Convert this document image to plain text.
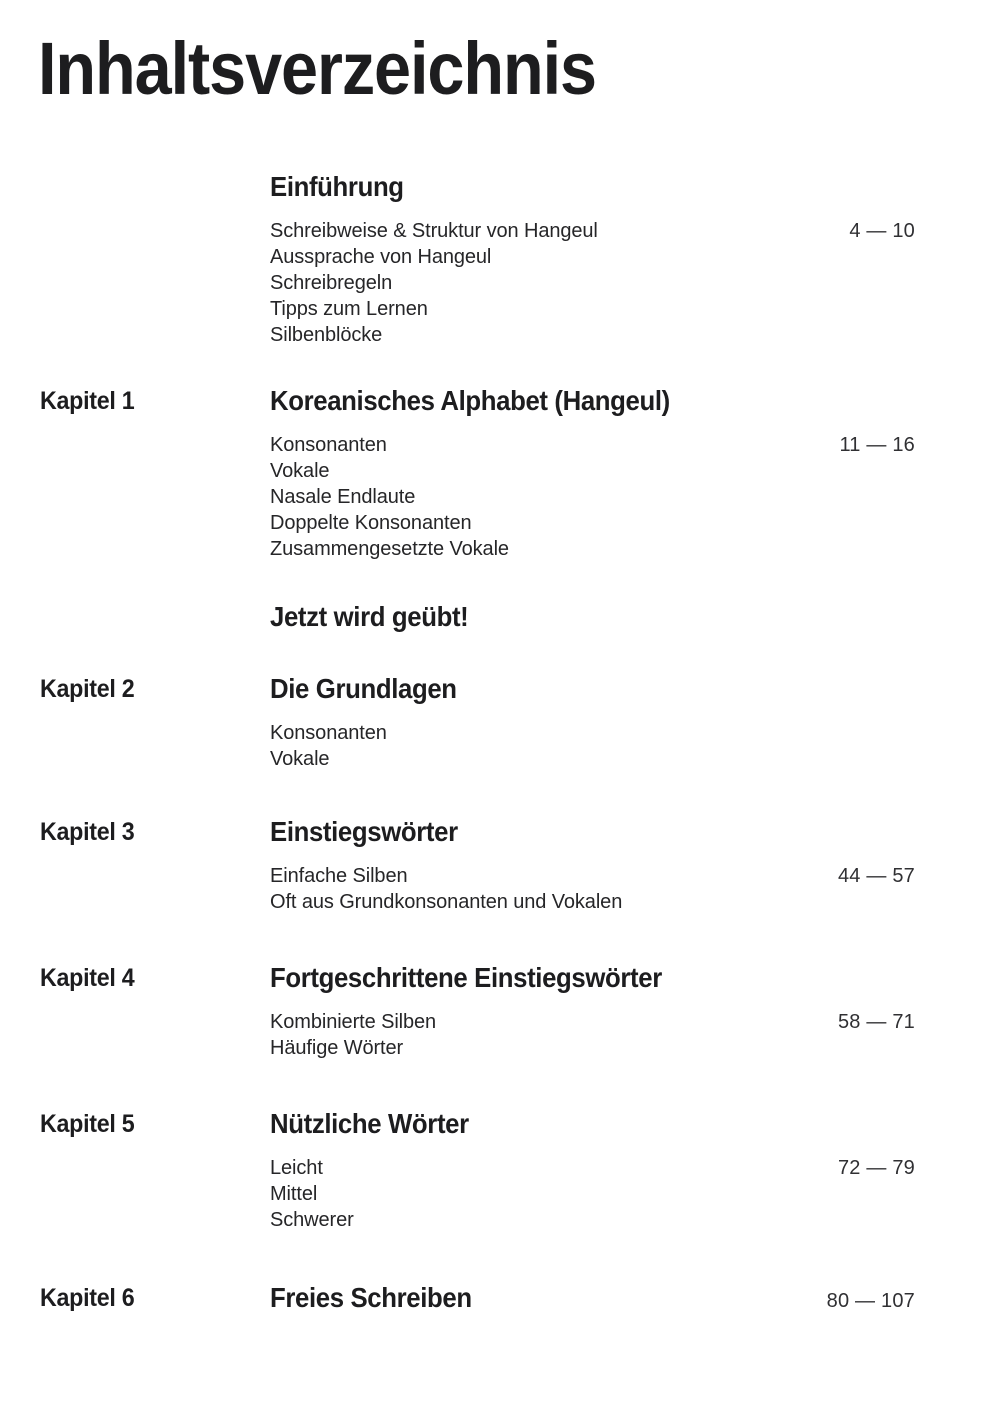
Inhaltsverzeichnis
Einführung
Schreibweise & Struktur von Hangeul	4 — 10
Aussprache von Hangeul
Schreibregeln
Tipps zum Lernen
Silbenblöcke
Kapitel 1	Koreanisches Alphabet (Hangeul)
Konsonanten	11 — 16
Vokale
Nasale Endlaute
Doppelte Konsonanten
Zusammengesetzte Vokale
Jetzt wird geübt!
Kapitel 2	Die Grundlagen
Konsonanten
Vokale
Kapitel 3	Einstiegswörter
Einfache Silben	44 — 57
Oft aus Grundkonsonanten und Vokalen
Kapitel 4	Fortgeschrittene Einstiegswörter
Kombinierte Silben	58 — 71
Häufige Wörter
Kapitel 5	Nützliche Wörter
Leicht	72 — 79
Mittel
Schwerer
Kapitel 6	Freies Schreiben	80 — 107
